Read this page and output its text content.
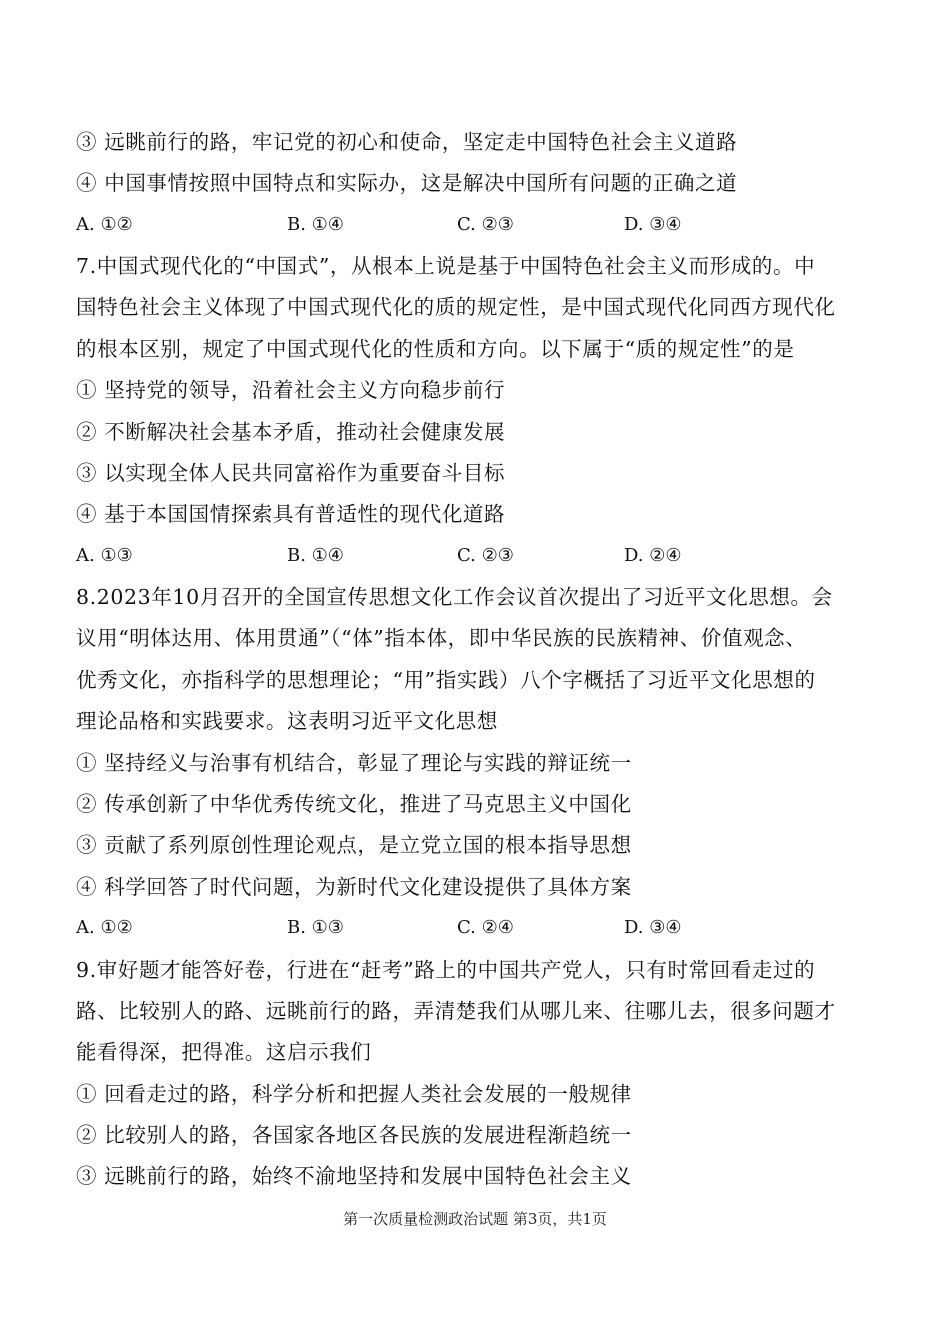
③ 远眺前行的路，牢记党的初心和使命，坚定走中国特色社会主义道路
④ 中国事情按照中国特点和实际办，这是解决中国所有问题的正确之道
A. ①②	B. ①④	C. ②③	D. ③④
7.中国式现代化的“中国式”，从根本上说是基于中国特色社会主义而形成的。中
国特色社会主义体现了中国式现代化的质的规定性，是中国式现代化同西方现代化
的根本区别，规定了中国式现代化的性质和方向。以下属于“质的规定性”的是
① 坚持党的领导，沿着社会主义方向稳步前行
② 不断解决社会基本矛盾，推动社会健康发展
③ 以实现全体人民共同富裕作为重要奋斗目标
④ 基于本国国情探索具有普适性的现代化道路
A. ①③	B. ①④	C. ②③	D. ②④
8.2023年10月召开的全国宣传思想文化工作会议首次提出了习近平文化思想。会
议用“明体达用、体用贯通”（“体”指本体，即中华民族的民族精神、价值观念、
优秀文化，亦指科学的思想理论；“用”指实践）八个字概括了习近平文化思想的
理论品格和实践要求。这表明习近平文化思想
① 坚持经义与治事有机结合，彰显了理论与实践的辩证统一
② 传承创新了中华优秀传统文化，推进了马克思主义中国化
③ 贡献了系列原创性理论观点，是立党立国的根本指导思想
④ 科学回答了时代问题，为新时代文化建设提供了具体方案
A. ①②	B. ①③	C. ②④	D. ③④
9.审好题才能答好卷，行进在“赶考”路上的中国共产党人，只有时常回看走过的
路、比较别人的路、远眺前行的路，弄清楚我们从哪儿来、往哪儿去，很多问题才
能看得深，把得准。这启示我们
① 回看走过的路，科学分析和把握人类社会发展的一般规律
② 比较别人的路，各国家各地区各民族的发展进程渐趋统一
③ 远眺前行的路，始终不渝地坚持和发展中国特色社会主义
第一次质量检测政治试题 第3页，共1页
